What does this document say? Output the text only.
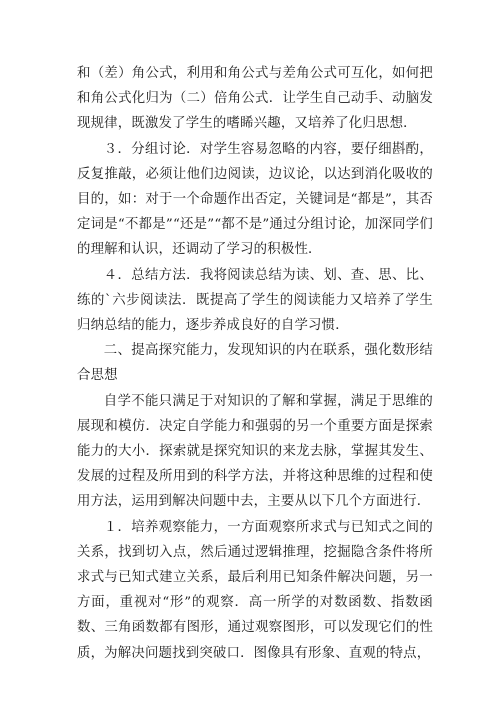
和（差）角公式，利用和角公式与差角公式可互化，如何把和角公式化归为（二）倍角公式．让学生自己动手、动脑发现规律，既激发了学生的嗜睎兴趣，又培养了化归思想．

３．分组讨论．对学生容易忽略的内容，要仔细斟酌，反复推敲，必须让他们边阅读，边议论，以达到消化吸收的目的，如：对于一个命题作出否定，关键词是“都是”，其否定词是“不都是”“还是”“都不是”通过分组讨论，加深同学们的理解和认识，还调动了学习的积极性．

４．总结方法．我将阅读总结为读、划、查、思、比、练的`六步阅读法．既提高了学生的阅读能力又培养了学生归纳总结的能力，逐步养成良好的自学习惯．

二、提高探究能力，发现知识的内在联系，强化数形结合思想

自学不能只满足于对知识的了解和掌握，满足于思维的展现和模仿．决定自学能力和强弱的另一个重要方面是探索能力的大小．探索就是探究知识的来龙去脉，掌握其发生、发展的过程及所用到的科学方法，并将这种思维的过程和使用方法，运用到解决问题中去，主要从以下几个方面进行．

１．培养观察能力，一方面观察所求式与已知式之间的关系，找到切入点，然后通过逻辑推理，挖掘隐含条件将所求式与已知式建立关系，最后利用已知条件解决问题，另一方面，重视对“形”的观察．高一所学的对数函数、指数函数、三角函数都有图形，通过观察图形，可以发现它们的性质，为解决问题找到突破口．图像具有形象、直观的特点，
